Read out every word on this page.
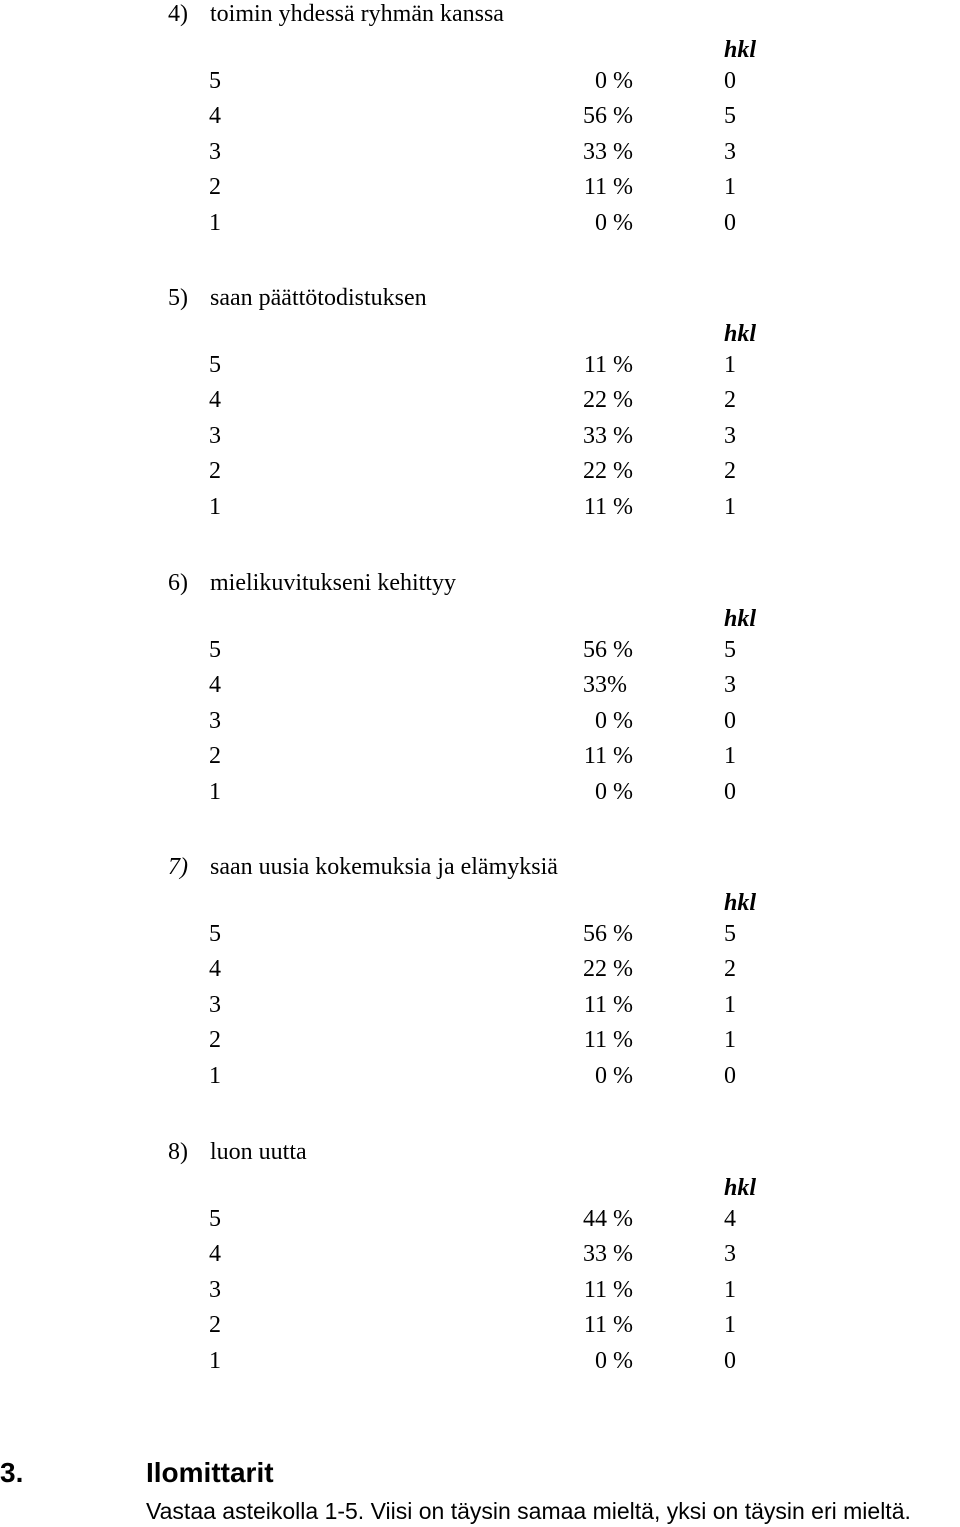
4) toimin yhdessä ryhmän kanssa
hkl
5	0 %	0
4	56 %	5
3	33 %	3
2	11 %	1
1	0 %	0
5) saan päättötodistuksen
hkl
5	11 %	1
4	22 %	2
3	33 %	3
2	22 %	2
1	11 %	1
6) mielikuvitukseni kehittyy
hkl
5	56 %	5
4	33%	3
3	0 %	0
2	11 %	1
1	0 %	0
7) saan uusia kokemuksia ja elämyksiä
hkl
5	56 %	5
4	22 %	2
3	11 %	1
2	11 %	1
1	0 %	0
8) luon uutta
hkl
5	44 %	4
4	33 %	3
3	11 %	1
2	11 %	1
1	0 %	0
3.	Ilomittarit
Vastaa asteikolla 1-5. Viisi on täysin samaa mieltä, yksi on täysin eri mieltä.
